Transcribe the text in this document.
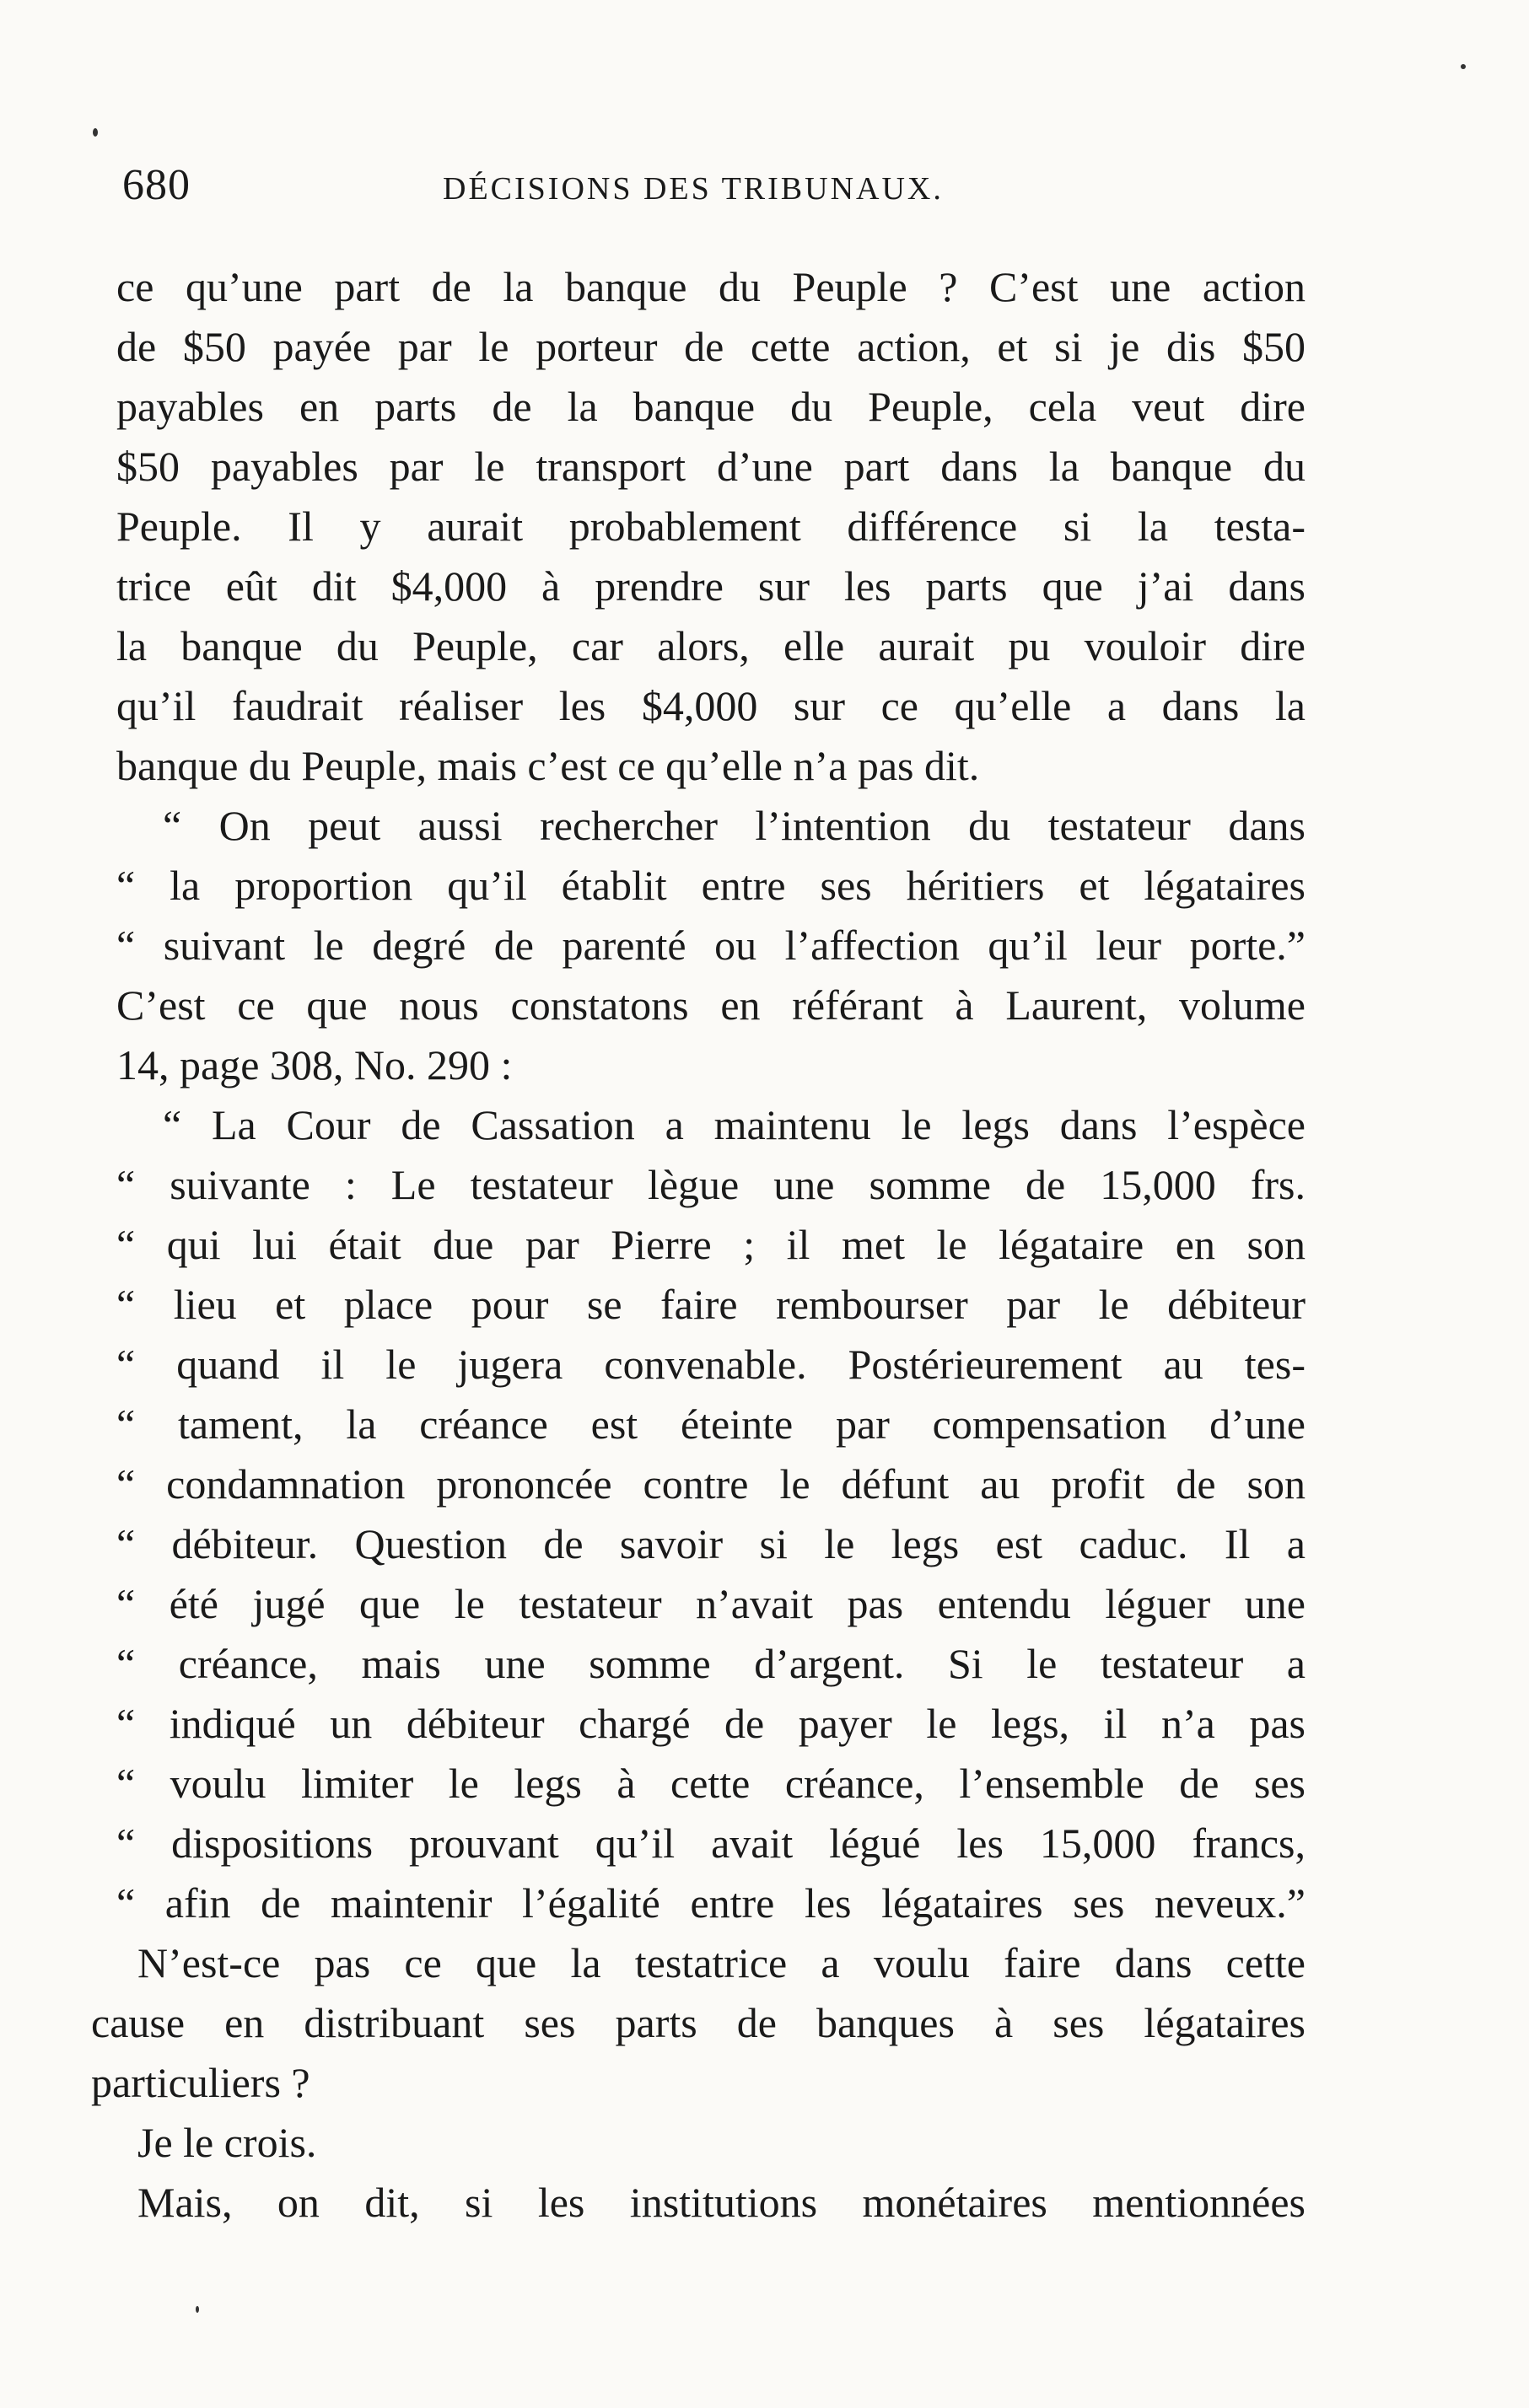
680	DÉCISIONS DES TRIBUNAUX.
ce qu’une part de la banque du Peuple ? C’est une action
de $50 payée par le porteur de cette action, et si je dis $50
payables en parts de la banque du Peuple, cela veut dire
$50 payables par le transport d’une part dans la banque du
Peuple. Il y aurait probablement différence si la testa-
trice eût dit $4,000 à prendre sur les parts que j’ai dans
la banque du Peuple, car alors, elle aurait pu vouloir dire
qu’il faudrait réaliser les $4,000 sur ce qu’elle a dans la
banque du Peuple, mais c’est ce qu’elle n’a pas dit.
“ On peut aussi rechercher l’intention du testateur dans
“ la proportion qu’il établit entre ses héritiers et légataires
“ suivant le degré de parenté ou l’affection qu’il leur porte.”
C’est ce que nous constatons en référant à Laurent, volume
14, page 308, No. 290 :
“ La Cour de Cassation a maintenu le legs dans l’espèce
“ suivante : Le testateur lègue une somme de 15,000 frs.
“ qui lui était due par Pierre ; il met le légataire en son
“ lieu et place pour se faire rembourser par le débiteur
“ quand il le jugera convenable. Postérieurement au tes-
“ tament, la créance est éteinte par compensation d’une
“ condamnation prononcée contre le défunt au profit de son
“ débiteur. Question de savoir si le legs est caduc. Il a
“ été jugé que le testateur n’avait pas entendu léguer une
“ créance, mais une somme d’argent. Si le testateur a
“ indiqué un débiteur chargé de payer le legs, il n’a pas
“ voulu limiter le legs à cette créance, l’ensemble de ses
“ dispositions prouvant qu’il avait légué les 15,000 francs,
“ afin de maintenir l’égalité entre les légataires ses neveux.”
N’est-ce pas ce que la testatrice a voulu faire dans cette
cause en distribuant ses parts de banques à ses légataires
particuliers ?
Je le crois.
Mais, on dit, si les institutions monétaires mentionnées
